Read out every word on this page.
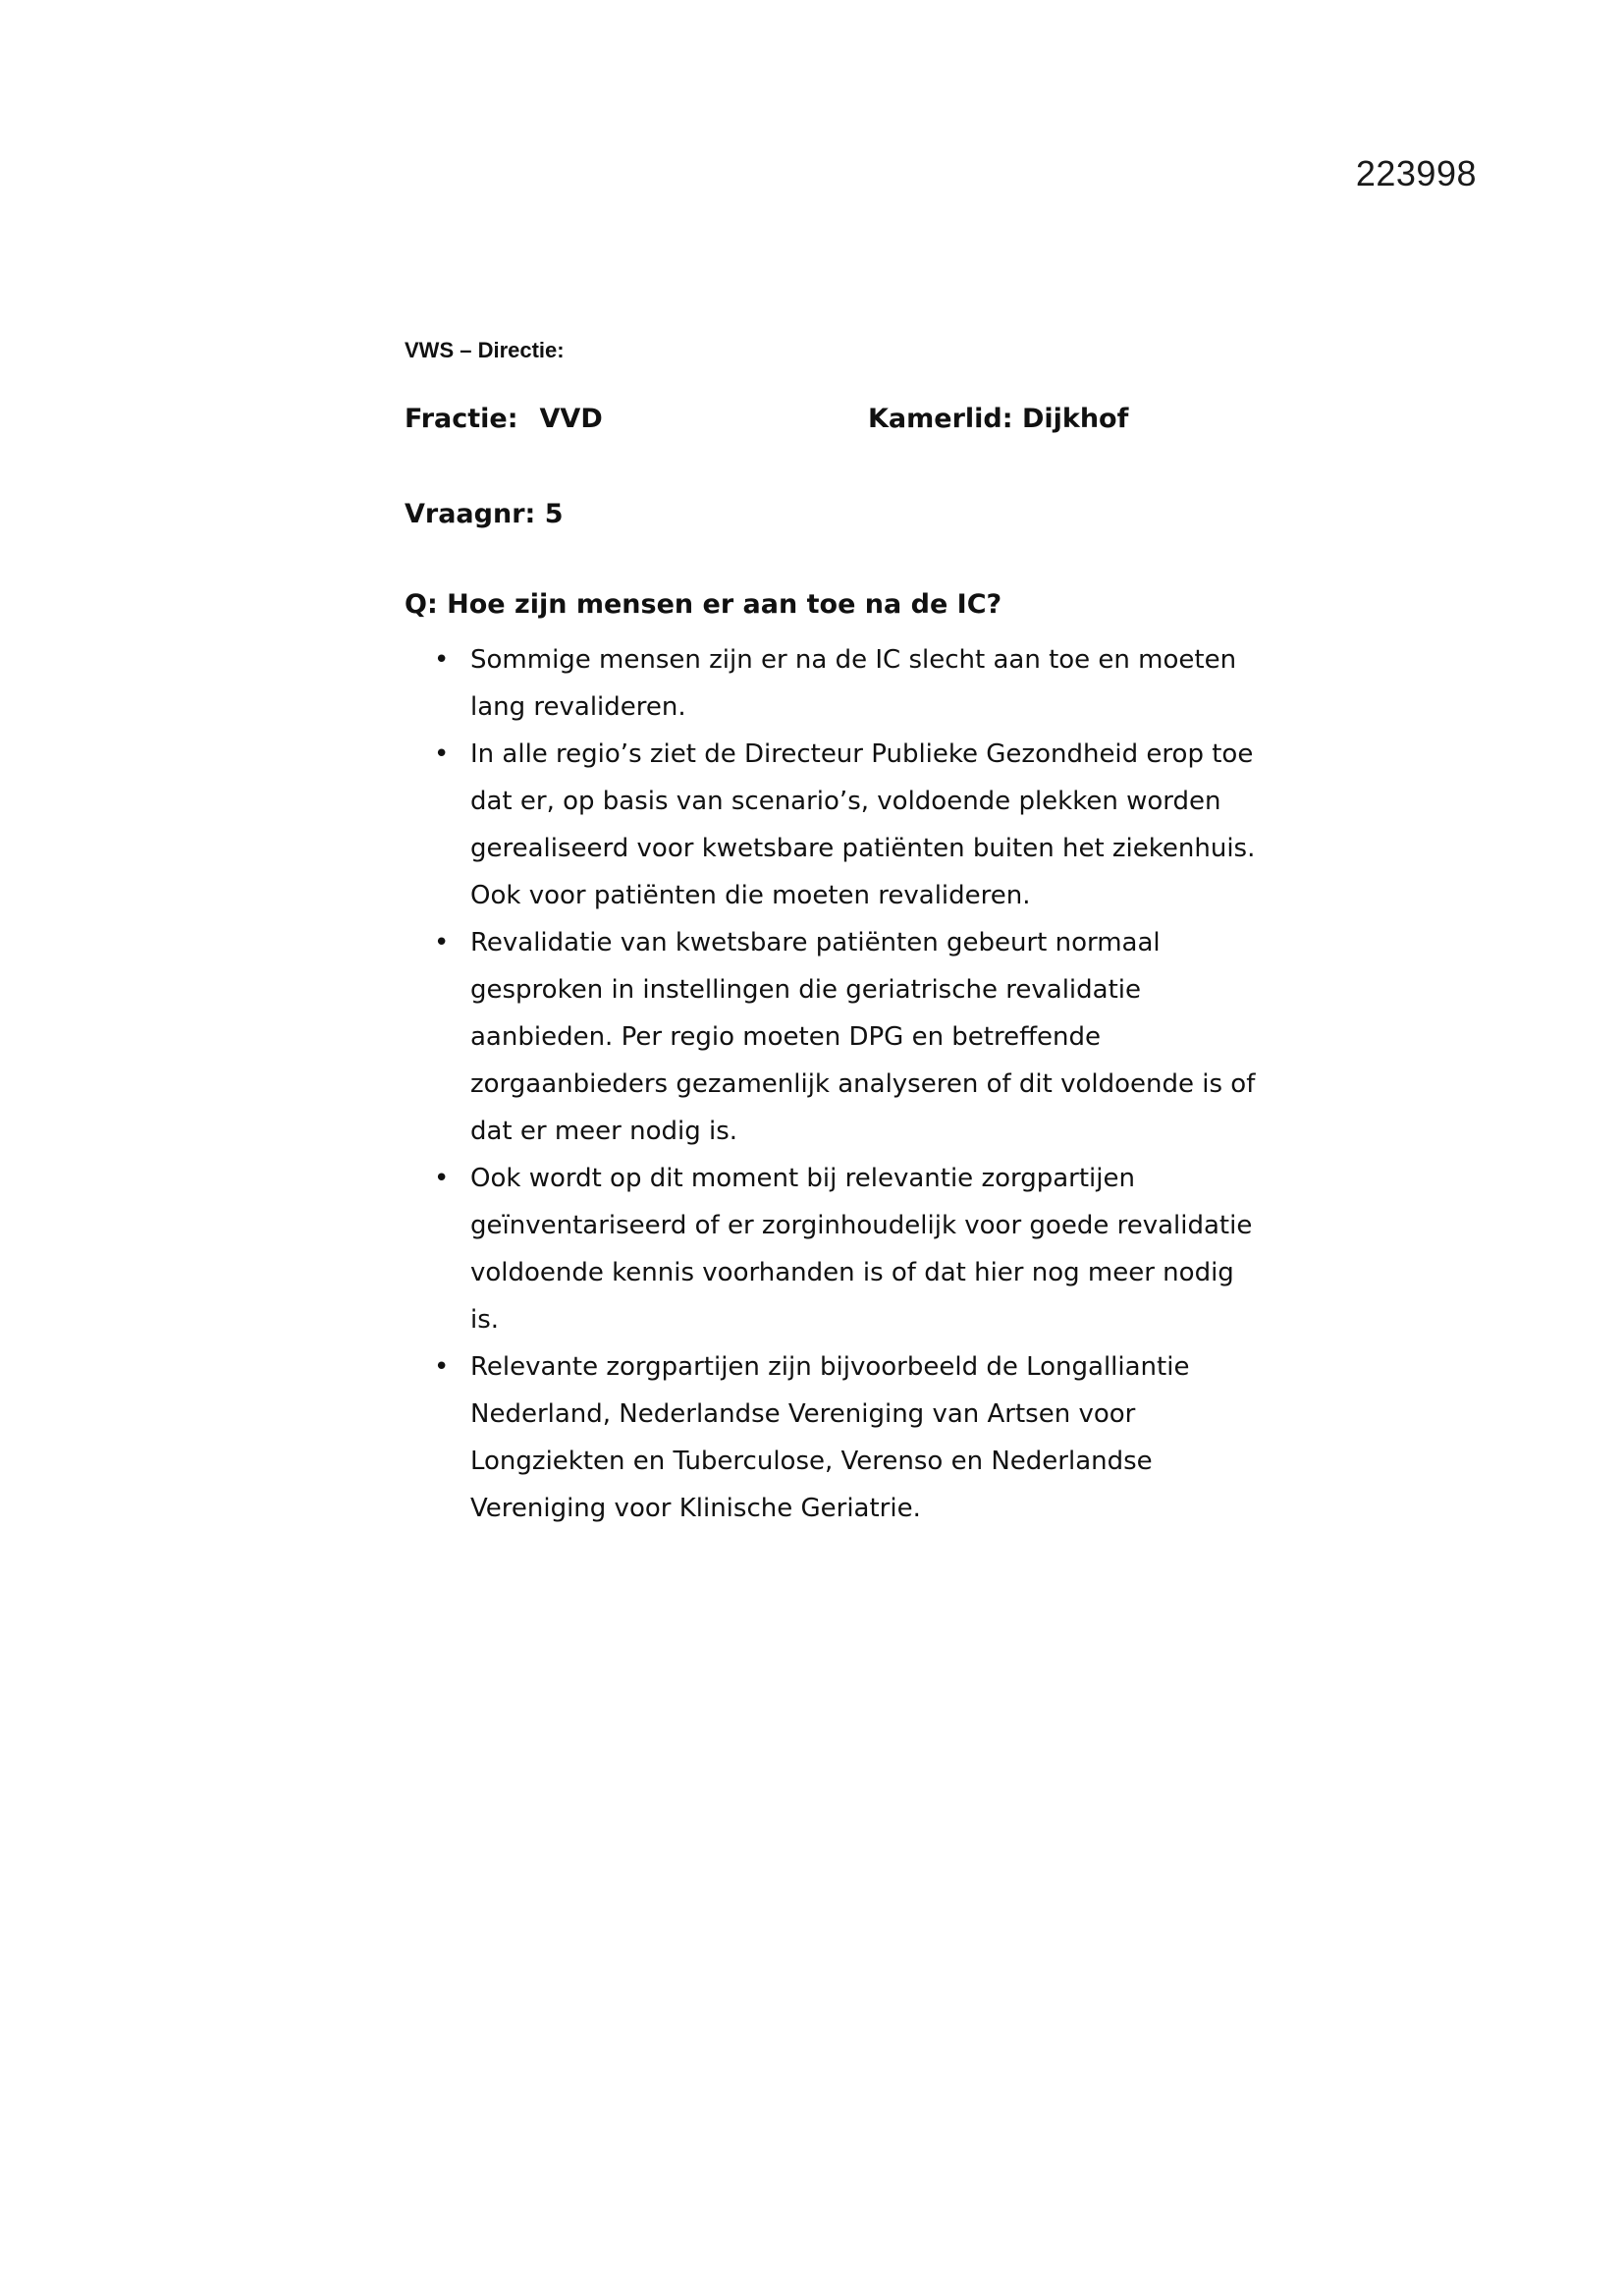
223998
VWS – Directie:
Fractie: VVD	Kamerlid: Dijkhof
Vraagnr: 5
Q: Hoe zijn mensen er aan toe na de IC?
• Sommige mensen zijn er na de IC slecht aan toe en moeten lang revalideren.
• In alle regio’s ziet de Directeur Publieke Gezondheid erop toe dat er, op basis van scenario’s, voldoende plekken worden gerealiseerd voor kwetsbare patiënten buiten het ziekenhuis. Ook voor patiënten die moeten revalideren.
• Revalidatie van kwetsbare patiënten gebeurt normaal gesproken in instellingen die geriatrische revalidatie aanbieden. Per regio moeten DPG en betreffende zorgaanbieders gezamenlijk analyseren of dit voldoende is of dat er meer nodig is.
• Ook wordt op dit moment bij relevantie zorgpartijen geïnventariseerd of er zorginhoudelijk voor goede revalidatie voldoende kennis voorhanden is of dat hier nog meer nodig is.
• Relevante zorgpartijen zijn bijvoorbeeld de Longalliantie Nederland, Nederlandse Vereniging van Artsen voor Longziekten en Tuberculose, Verenso en Nederlandse Vereniging voor Klinische Geriatrie.
